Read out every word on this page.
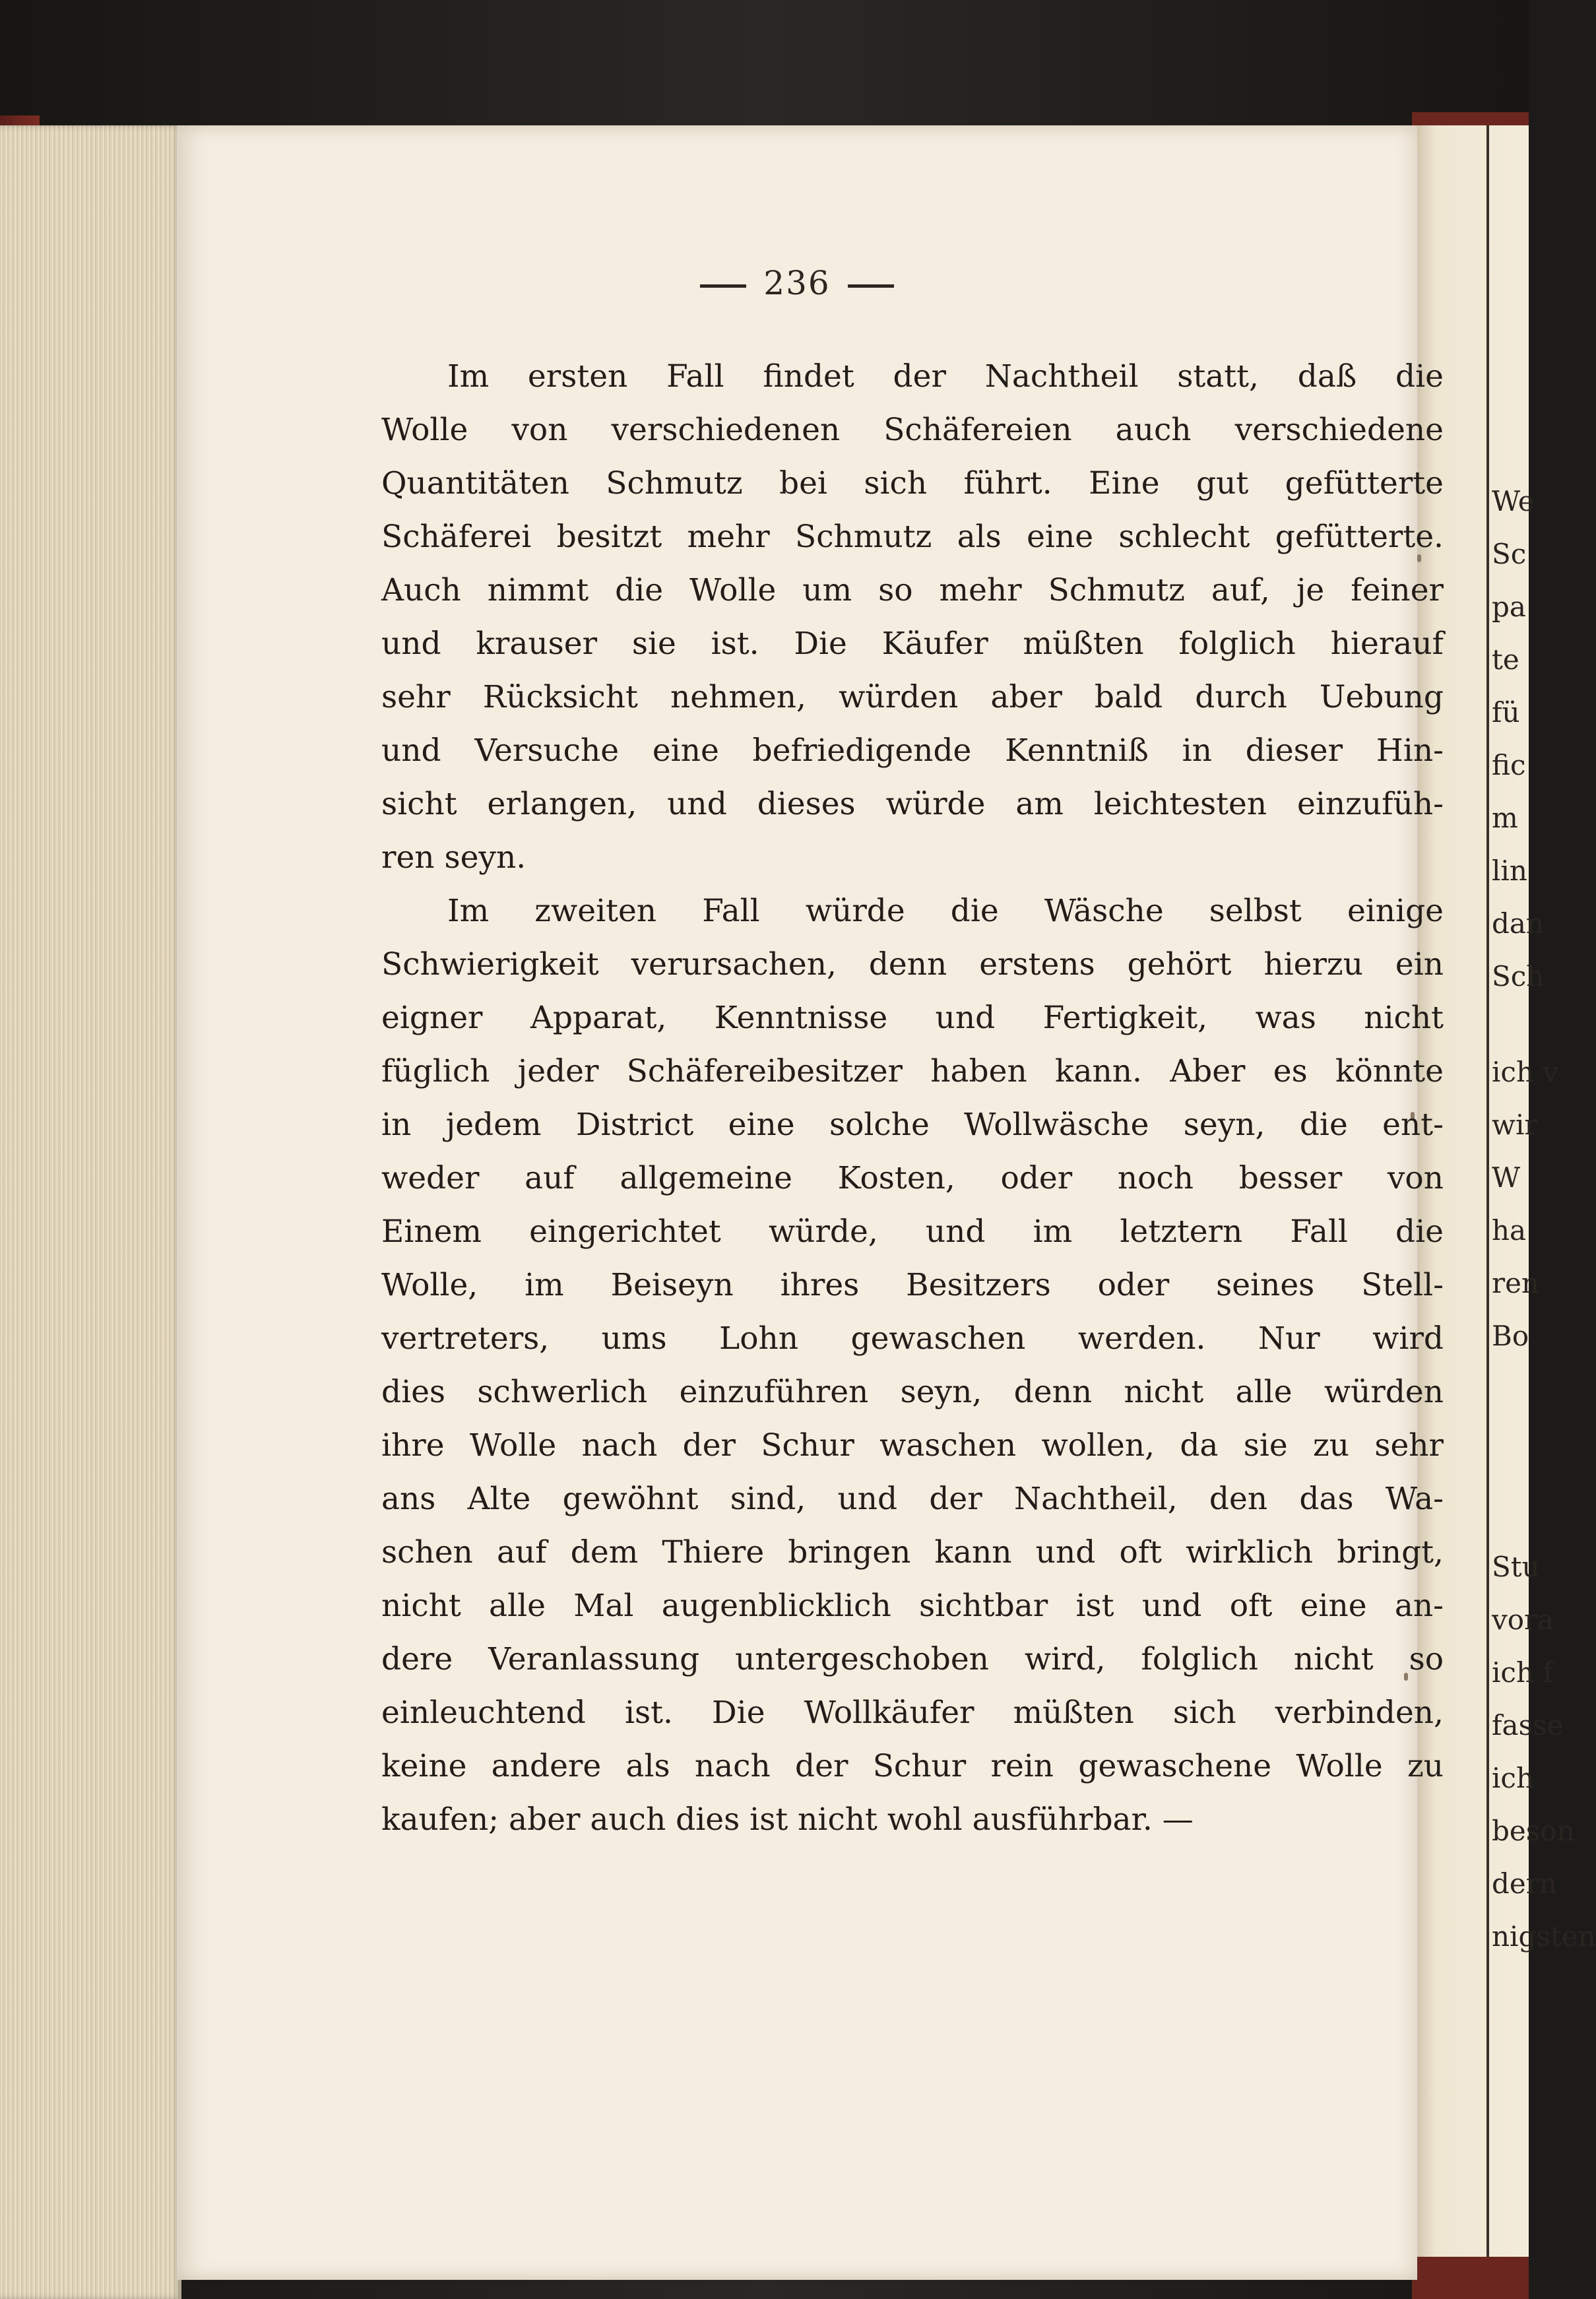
We
Sc
pa
te
fü
fic
m
lin
dan
Sch
ich v
wir
W
ha
ren
Bo
Stu
vora
ich f
fasse
ich
beson
dern
nigsten
236
Im ersten Fall findet der Nachtheil statt, daß die
Wolle von verschiedenen Schäfereien auch verschiedene
Quantitäten Schmutz bei sich führt. Eine gut gefütterte
Schäferei besitzt mehr Schmutz als eine schlecht gefütterte.
Auch nimmt die Wolle um so mehr Schmutz auf, je feiner
und krauser sie ist. Die Käufer müßten folglich hierauf
sehr Rücksicht nehmen, würden aber bald durch Uebung
und Versuche eine befriedigende Kenntniß in dieser Hin-
sicht erlangen, und dieses würde am leichtesten einzufüh-
ren seyn.
Im zweiten Fall würde die Wäsche selbst einige
Schwierigkeit verursachen, denn erstens gehört hierzu ein
eigner Apparat, Kenntnisse und Fertigkeit, was nicht
füglich jeder Schäfereibesitzer haben kann. Aber es könnte
in jedem District eine solche Wollwäsche seyn, die ent-
weder auf allgemeine Kosten, oder noch besser von
Einem eingerichtet würde, und im letztern Fall die
Wolle, im Beiseyn ihres Besitzers oder seines Stell-
vertreters, ums Lohn gewaschen werden. Nur wird
dies schwerlich einzuführen seyn, denn nicht alle würden
ihre Wolle nach der Schur waschen wollen, da sie zu sehr
ans Alte gewöhnt sind, und der Nachtheil, den das Wa-
schen auf dem Thiere bringen kann und oft wirklich bringt,
nicht alle Mal augenblicklich sichtbar ist und oft eine an-
dere Veranlassung untergeschoben wird, folglich nicht so
einleuchtend ist. Die Wollkäufer müßten sich verbinden,
keine andere als nach der Schur rein gewaschene Wolle zu
kaufen; aber auch dies ist nicht wohl ausführbar. —
